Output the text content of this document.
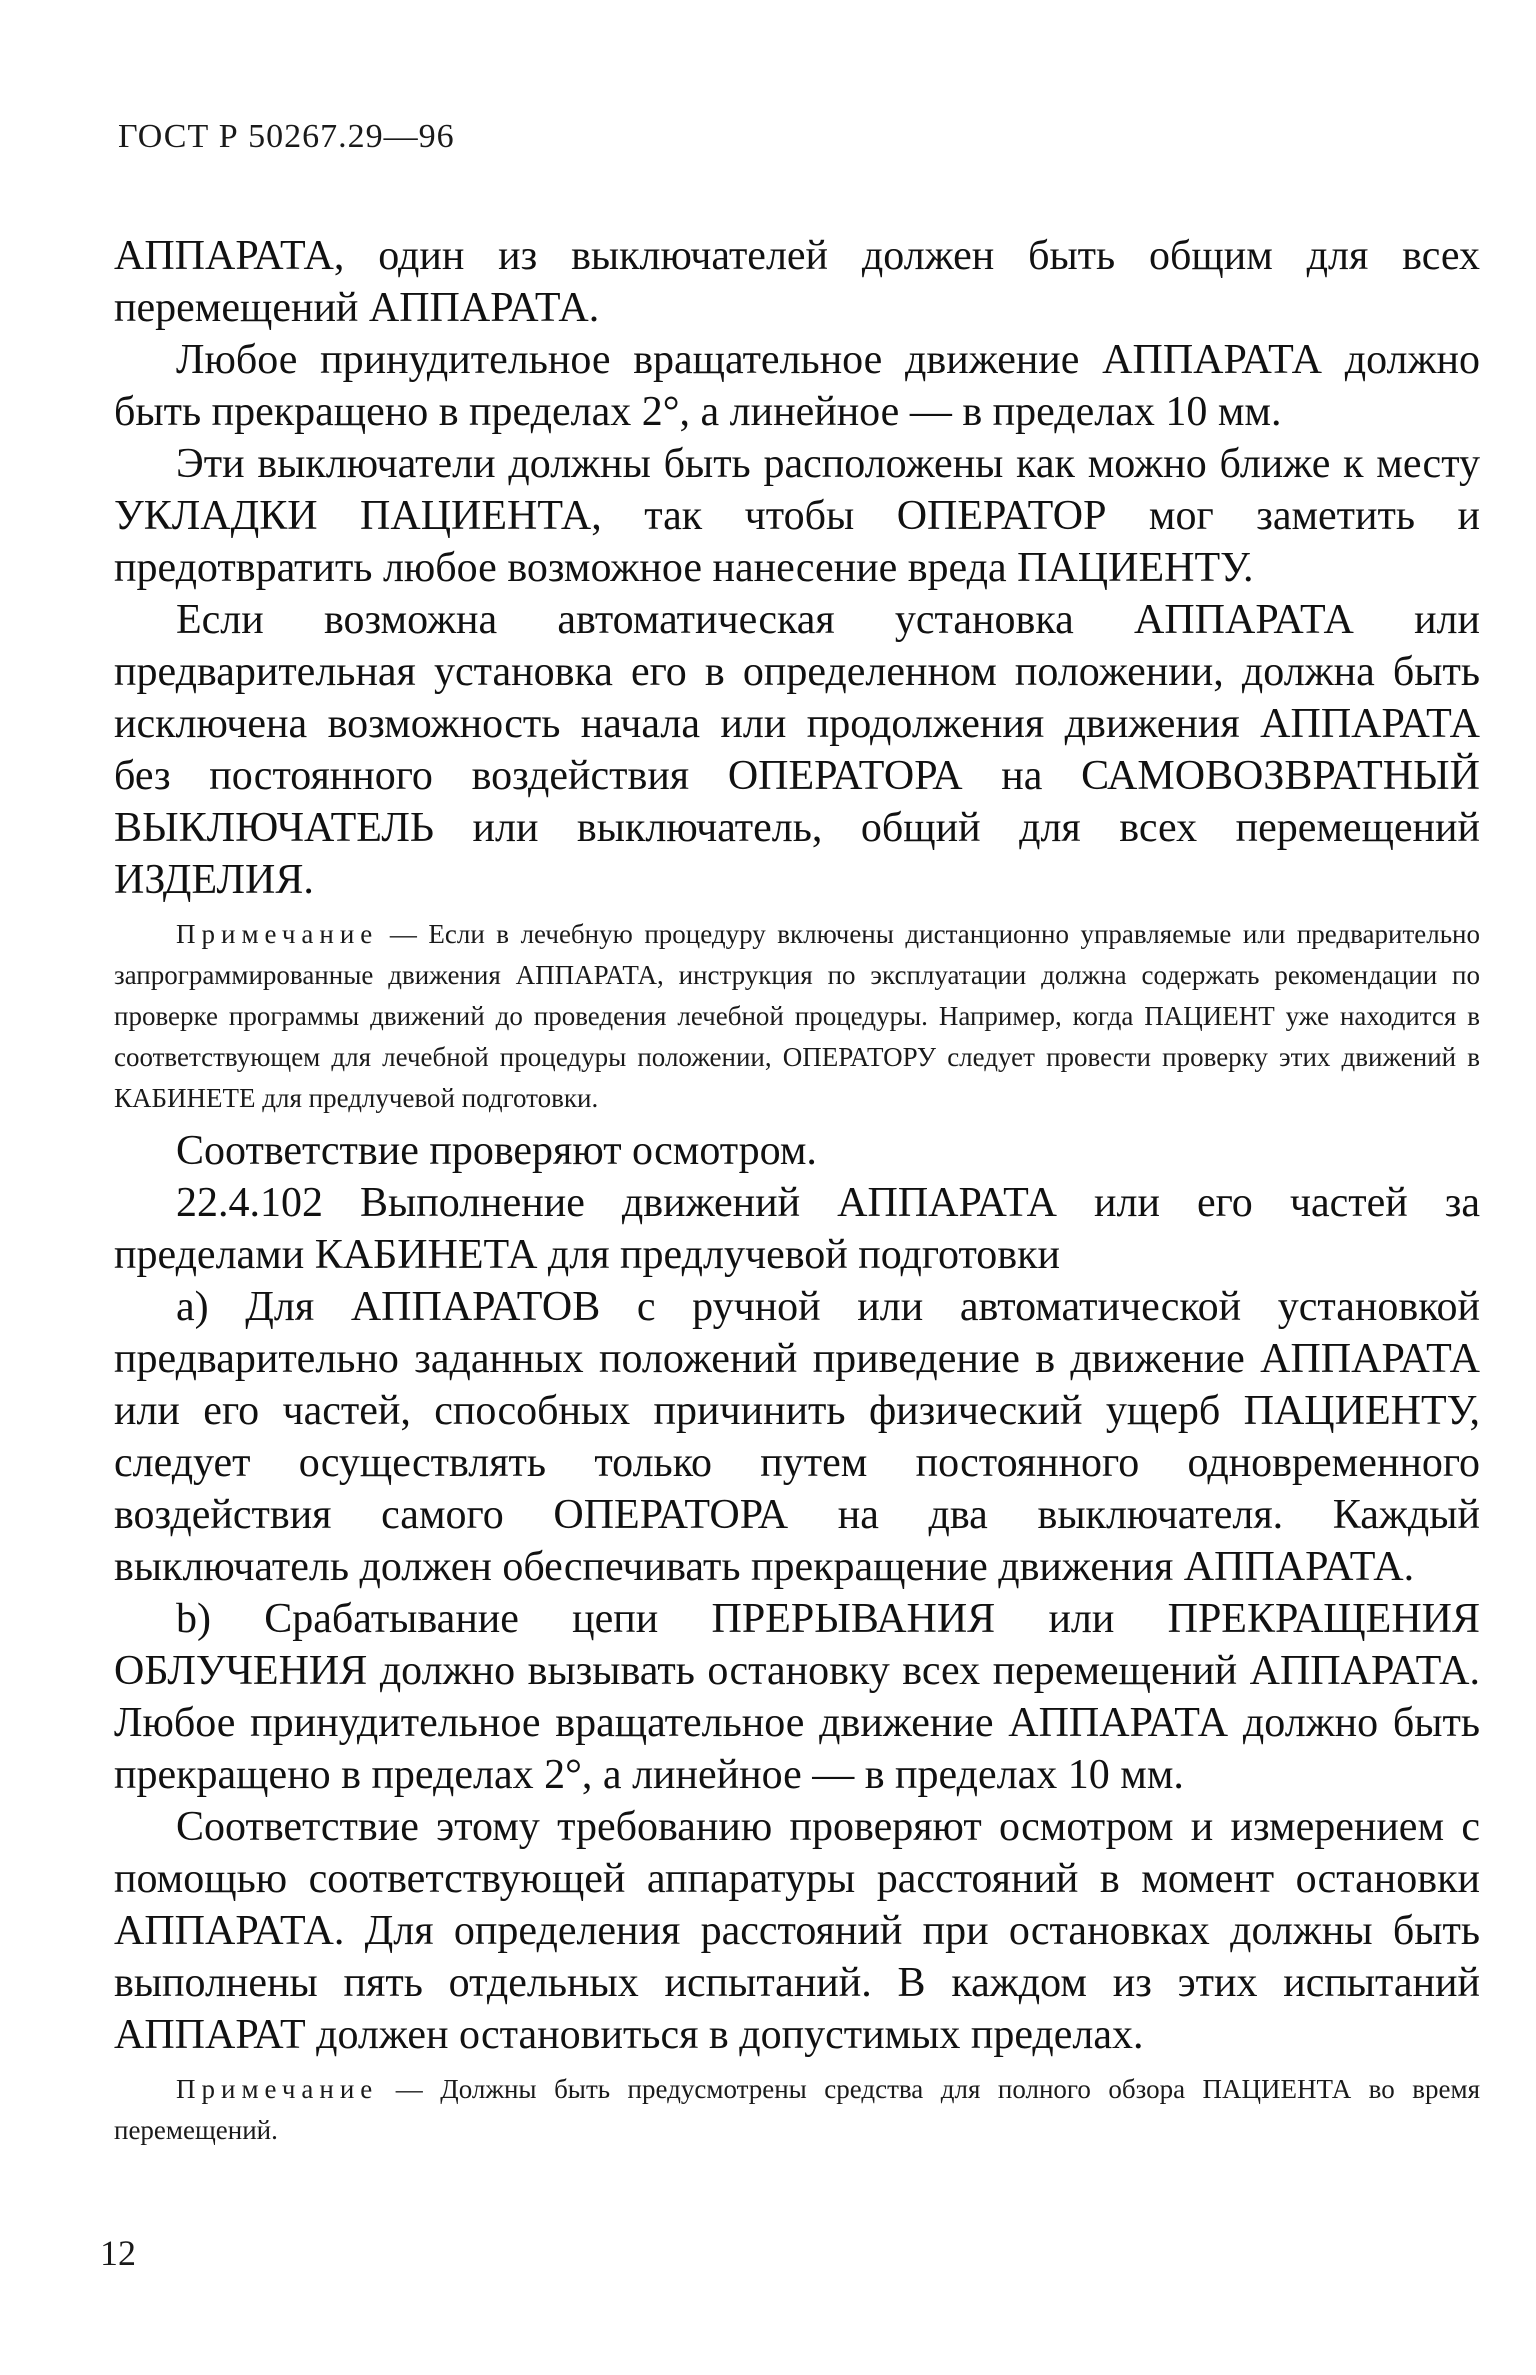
ГОСТ Р 50267.29—96

АППАРАТА, один из выключателей должен быть общим для всех перемещений АППАРАТА.

Любое принудительное вращательное движение АППАРАТА должно быть прекращено в пределах 2°, а линейное — в пределах 10 мм.

Эти выключатели должны быть расположены как можно ближе к месту УКЛАДКИ ПАЦИЕНТА, так чтобы ОПЕРАТОР мог заметить и предотвратить любое возможное нанесение вреда ПАЦИЕНТУ.

Если возможна автоматическая установка АППАРАТА или предварительная установка его в определенном положении, должна быть исключена возможность начала или продолжения движения АППАРАТА без постоянного воздействия ОПЕРАТОРА на САМОВОЗВРАТНЫЙ ВЫКЛЮЧАТЕЛЬ или выключатель, общий для всех перемещений ИЗДЕЛИЯ.

Примечание — Если в лечебную процедуру включены дистанционно управляемые или предварительно запрограммированные движения АППАРАТА, инструкция по эксплуатации должна содержать рекомендации по проверке программы движений до проведения лечебной процедуры. Например, когда ПАЦИЕНТ уже находится в соответствующем для лечебной процедуры положении, ОПЕРАТОРУ следует провести проверку этих движений в КАБИНЕТЕ для предлучевой подготовки.

Соответствие проверяют осмотром.

22.4.102 Выполнение движений АППАРАТА или его частей за пределами КАБИНЕТА для предлучевой подготовки

a) Для АППАРАТОВ с ручной или автоматической установкой предварительно заданных положений приведение в движение АППАРАТА или его частей, способных причинить физический ущерб ПАЦИЕНТУ, следует осуществлять только путем постоянного одновременного воздействия самого ОПЕРАТОРА на два выключателя. Каждый выключатель должен обеспечивать прекращение движения АППАРАТА.

b) Срабатывание цепи ПРЕРЫВАНИЯ или ПРЕКРАЩЕНИЯ ОБЛУЧЕНИЯ должно вызывать остановку всех перемещений АППАРАТА. Любое принудительное вращательное движение АППАРАТА должно быть прекращено в пределах 2°, а линейное — в пределах 10 мм.

Соответствие этому требованию проверяют осмотром и измерением с помощью соответствующей аппаратуры расстояний в момент остановки АППАРАТА. Для определения расстояний при остановках должны быть выполнены пять отдельных испытаний. В каждом из этих испытаний АППАРАТ должен остановиться в допустимых пределах.

Примечание — Должны быть предусмотрены средства для полного обзора ПАЦИЕНТА во время перемещений.

12
